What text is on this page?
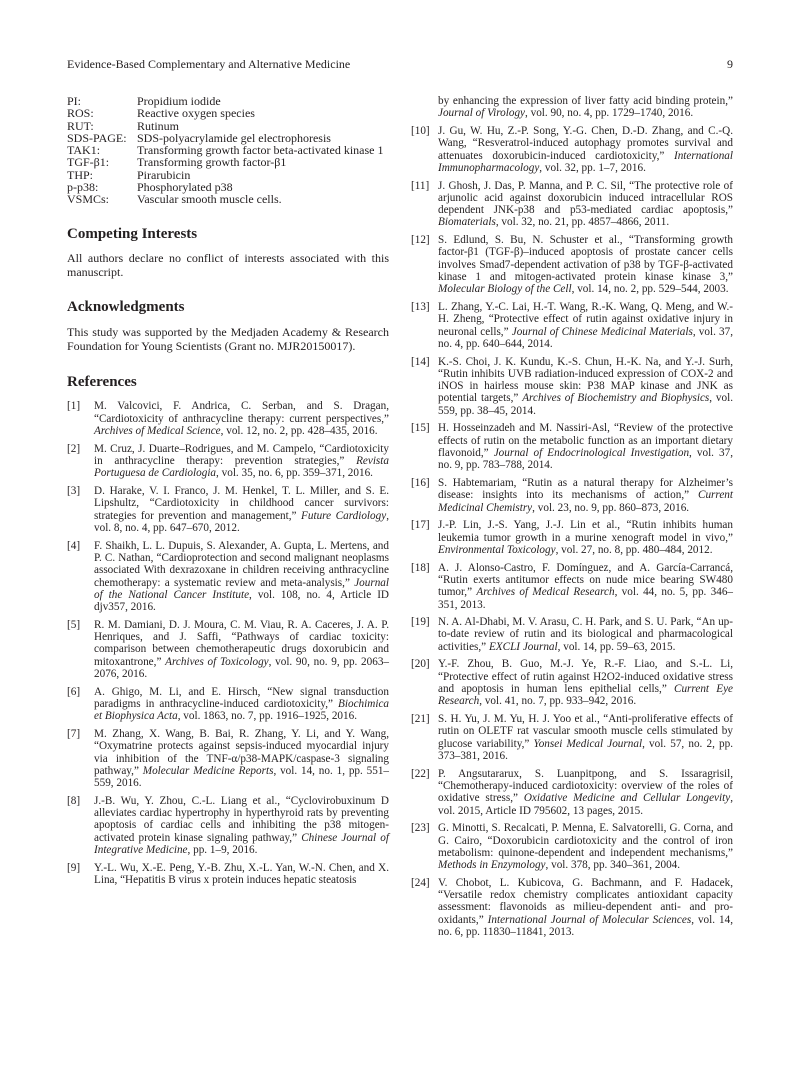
Evidence-Based Complementary and Alternative Medicine	9
PI:	Propidium iodide
ROS:	Reactive oxygen species
RUT:	Rutinum
SDS-PAGE: SDS-polyacrylamide gel electrophoresis
TAK1:	Transforming growth factor beta-activated kinase 1
TGF-β1:	Transforming growth factor-β1
THP:	Pirarubicin
p-p38:	Phosphorylated p38
VSMCs:	Vascular smooth muscle cells.
Competing Interests

All authors declare no conflict of interests associated with this manuscript.

Acknowledgments

This study was supported by the Medjaden Academy & Research Foundation for Young Scientists (Grant no. MJR20150017).

References
[1]	M. Valcovici, F. Andrica, C. Serban, and S. Dragan, “Cardiotoxicity of anthracycline therapy: current perspectives,” Archives of Medical Science, vol. 12, no. 2, pp. 428–435, 2016.
[2]	M. Cruz, J. Duarte–Rodrigues, and M. Campelo, “Cardiotoxicity in anthracycline therapy: prevention strategies,” Revista Portuguesa de Cardiologia, vol. 35, no. 6, pp. 359–371, 2016.
[3]	D. Harake, V. I. Franco, J. M. Henkel, T. L. Miller, and S. E. Lipshultz, “Cardiotoxicity in childhood cancer survivors: strategies for prevention and management,” Future Cardiology, vol. 8, no. 4, pp. 647–670, 2012.
[4]	F. Shaikh, L. L. Dupuis, S. Alexander, A. Gupta, L. Mertens, and P. C. Nathan, “Cardioprotection and second malignant neoplasms associated With dexrazoxane in children receiving anthracycline chemotherapy: a systematic review and meta-analysis,” Journal of the National Cancer Institute, vol. 108, no. 4, Article ID djv357, 2016.
[5]	R. M. Damiani, D. J. Moura, C. M. Viau, R. A. Caceres, J. A. P. Henriques, and J. Saffi, “Pathways of cardiac toxicity: comparison between chemotherapeutic drugs doxorubicin and mitoxantrone,” Archives of Toxicology, vol. 90, no. 9, pp. 2063–2076, 2016.
[6]	A. Ghigo, M. Li, and E. Hirsch, “New signal transduction paradigms in anthracycline-induced cardiotoxicity,” Biochimica et Biophysica Acta, vol. 1863, no. 7, pp. 1916–1925, 2016.
[7]	M. Zhang, X. Wang, B. Bai, R. Zhang, Y. Li, and Y. Wang, “Oxymatrine protects against sepsis-induced myocardial injury via inhibition of the TNF-α/p38-MAPK/caspase-3 signaling pathway,” Molecular Medicine Reports, vol. 14, no. 1, pp. 551–559, 2016.
[8]	J.-B. Wu, Y. Zhou, C.-L. Liang et al., “Cyclovirobuxinum D alleviates cardiac hypertrophy in hyperthyroid rats by preventing apoptosis of cardiac cells and inhibiting the p38 mitogen-activated protein kinase signaling pathway,” Chinese Journal of Integrative Medicine, pp. 1–9, 2016.
[9]	Y.-L. Wu, X.-E. Peng, Y.-B. Zhu, X.-L. Yan, W.-N. Chen, and X. Lina, “Hepatitis B virus x protein induces hepatic steatosis
by enhancing the expression of liver fatty acid binding protein,” Journal of Virology, vol. 90, no. 4, pp. 1729–1740, 2016.
[10] J. Gu, W. Hu, Z.-P. Song, Y.-G. Chen, D.-D. Zhang, and C.-Q. Wang, “Resveratrol-induced autophagy promotes survival and attenuates doxorubicin-induced cardiotoxicity,” International Immunopharmacology, vol. 32, pp. 1–7, 2016.
[11] J. Ghosh, J. Das, P. Manna, and P. C. Sil, “The protective role of arjunolic acid against doxorubicin induced intracellular ROS dependent JNK-p38 and p53-mediated cardiac apoptosis,” Biomaterials, vol. 32, no. 21, pp. 4857–4866, 2011.
[12] S. Edlund, S. Bu, N. Schuster et al., “Transforming growth factor-β1 (TGF-β)–induced apoptosis of prostate cancer cells involves Smad7-dependent activation of p38 by TGF-β-activated kinase 1 and mitogen-activated protein kinase kinase 3,” Molecular Biology of the Cell, vol. 14, no. 2, pp. 529–544, 2003.
[13] L. Zhang, Y.-C. Lai, H.-T. Wang, R.-K. Wang, Q. Meng, and W.-H. Zheng, “Protective effect of rutin against oxidative injury in neuronal cells,” Journal of Chinese Medicinal Materials, vol. 37, no. 4, pp. 640–644, 2014.
[14] K.-S. Choi, J. K. Kundu, K.-S. Chun, H.-K. Na, and Y.-J. Surh, “Rutin inhibits UVB radiation-induced expression of COX-2 and iNOS in hairless mouse skin: P38 MAP kinase and JNK as potential targets,” Archives of Biochemistry and Biophysics, vol. 559, pp. 38–45, 2014.
[15] H. Hosseinzadeh and M. Nassiri-Asl, “Review of the protective effects of rutin on the metabolic function as an important dietary flavonoid,” Journal of Endocrinological Investigation, vol. 37, no. 9, pp. 783–788, 2014.
[16] S. Habtemariam, “Rutin as a natural therapy for Alzheimer’s disease: insights into its mechanisms of action,” Current Medicinal Chemistry, vol. 23, no. 9, pp. 860–873, 2016.
[17] J.-P. Lin, J.-S. Yang, J.-J. Lin et al., “Rutin inhibits human leukemia tumor growth in a murine xenograft model in vivo,” Environmental Toxicology, vol. 27, no. 8, pp. 480–484, 2012.
[18] A. J. Alonso-Castro, F. Domínguez, and A. García-Carrancá, “Rutin exerts antitumor effects on nude mice bearing SW480 tumor,” Archives of Medical Research, vol. 44, no. 5, pp. 346–351, 2013.
[19] N. A. Al-Dhabi, M. V. Arasu, C. H. Park, and S. U. Park, “An up-to-date review of rutin and its biological and pharmacological activities,” EXCLI Journal, vol. 14, pp. 59–63, 2015.
[20] Y.-F. Zhou, B. Guo, M.-J. Ye, R.-F. Liao, and S.-L. Li, “Protective effect of rutin against H2O2-induced oxidative stress and apoptosis in human lens epithelial cells,” Current Eye Research, vol. 41, no. 7, pp. 933–942, 2016.
[21] S. H. Yu, J. M. Yu, H. J. Yoo et al., “Anti-proliferative effects of rutin on OLETF rat vascular smooth muscle cells stimulated by glucose variability,” Yonsei Medical Journal, vol. 57, no. 2, pp. 373–381, 2016.
[22] P. Angsutararux, S. Luanpitpong, and S. Issaragrisil, “Chemotherapy-induced cardiotoxicity: overview of the roles of oxidative stress,” Oxidative Medicine and Cellular Longevity, vol. 2015, Article ID 795602, 13 pages, 2015.
[23] G. Minotti, S. Recalcati, P. Menna, E. Salvatorelli, G. Corna, and G. Cairo, “Doxorubicin cardiotoxicity and the control of iron metabolism: quinone-dependent and independent mechanisms,” Methods in Enzymology, vol. 378, pp. 340–361, 2004.
[24] V. Chobot, L. Kubicova, G. Bachmann, and F. Hadacek, “Versatile redox chemistry complicates antioxidant capacity assessment: flavonoids as milieu-dependent anti- and pro-oxidants,” International Journal of Molecular Sciences, vol. 14, no. 6, pp. 11830–11841, 2013.
